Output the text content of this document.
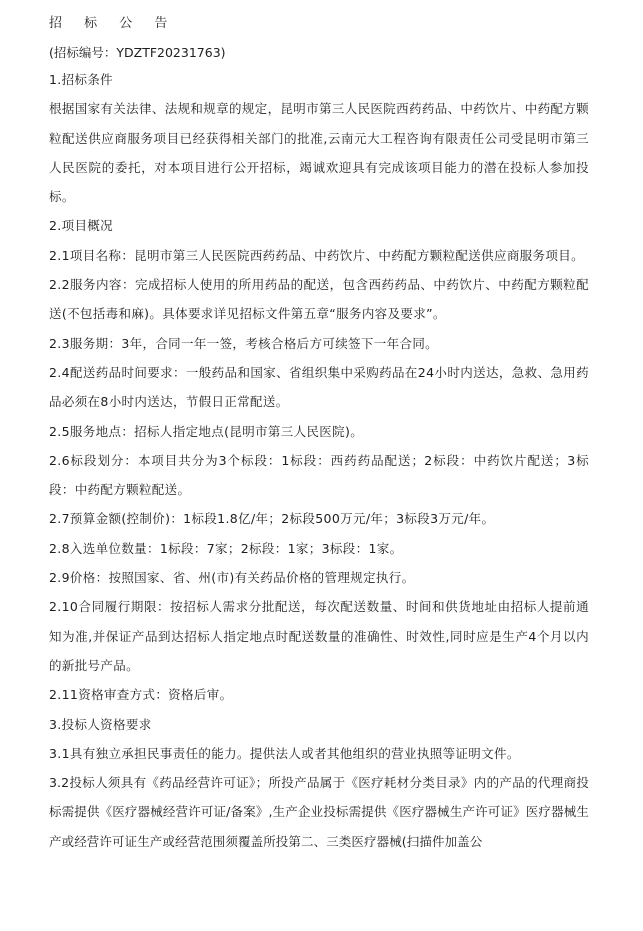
招 标 公 告
(招标编号：YDZTF20231763)
1.招标条件
根据国家有关法律、法规和规章的规定，昆明市第三人民医院西药药品、中药饮片、中药配方颗粒配送供应商服务项目已经获得相关部门的批准,云南元大工程咨询有限责任公司受昆明市第三人民医院的委托，对本项目进行公开招标，竭诚欢迎具有完成该项目能力的潜在投标人参加投标。
2.项目概况
2.1项目名称：昆明市第三人民医院西药药品、中药饮片、中药配方颗粒配送供应商服务项目。
2.2服务内容：完成招标人使用的所用药品的配送，包含西药药品、中药饮片、中药配方颗粒配送(不包括毒和麻)。具体要求详见招标文件第五章“服务内容及要求”。
2.3服务期：3年，合同一年一签，考核合格后方可续签下一年合同。
2.4配送药品时间要求：一般药品和国家、省组织集中采购药品在24小时内送达，急救、急用药品必须在8小时内送达，节假日正常配送。
2.5服务地点：招标人指定地点(昆明市第三人民医院)。
2.6标段划分：本项目共分为3个标段：1标段：西药药品配送；2标段：中药饮片配送；3标段：中药配方颗粒配送。
2.7预算金额(控制价)：1标段1.8亿/年；2标段500万元/年；3标段3万元/年。
2.8入选单位数量：1标段：7家；2标段：1家；3标段：1家。
2.9价格：按照国家、省、州(市)有关药品价格的管理规定执行。
2.10合同履行期限：按招标人需求分批配送，每次配送数量、时间和供货地址由招标人提前通知为准,并保证产品到达招标人指定地点时配送数量的准确性、时效性,同时应是生产4个月以内的新批号产品。
2.11资格审查方式：资格后审。
3.投标人资格要求
3.1具有独立承担民事责任的能力。提供法人或者其他组织的营业执照等证明文件。
3.2投标人须具有《药品经营许可证》；所投产品属于《医疗耗材分类目录》内的产品的代理商投标需提供《医疗器械经营许可证/备案》,生产企业投标需提供《医疗器械生产许可证》医疗器械生产或经营许可证生产或经营范围须覆盖所投第二、三类医疗器械(扫描件加盖公
